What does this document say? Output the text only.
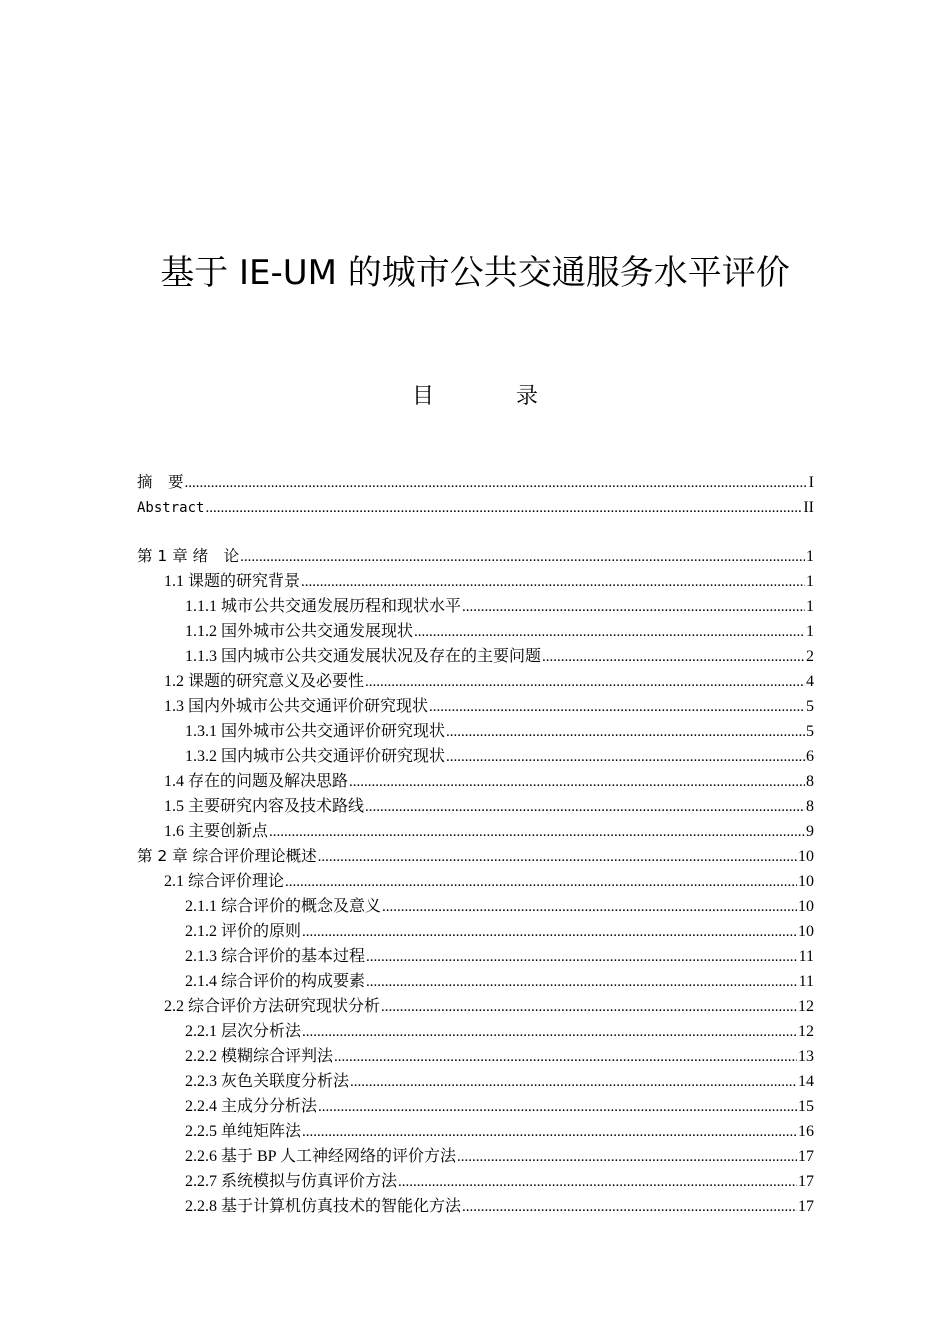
基于 IE-UM 的城市公共交通服务水平评价
目　录
摘　要 .....	I
Abstract .....	II
第 1 章 绪　论 .....	1
1.1 课题的研究背景 .....	1
1.1.1 城市公共交通发展历程和现状水平 .....	1
1.1.2 国外城市公共交通发展现状 .....	1
1.1.3 国内城市公共交通发展状况及存在的主要问题 .....	2
1.2 课题的研究意义及必要性 .....	4
1.3 国内外城市公共交通评价研究现状 .....	5
1.3.1 国外城市公共交通评价研究现状 .....	5
1.3.2 国内城市公共交通评价研究现状 .....	6
1.4 存在的问题及解决思路 .....	8
1.5 主要研究内容及技术路线 .....	8
1.6 主要创新点 .....	9
第 2 章 综合评价理论概述 .....	10
2.1 综合评价理论 .....	10
2.1.1 综合评价的概念及意义 .....	10
2.1.2 评价的原则 .....	10
2.1.3 综合评价的基本过程 .....	11
2.1.4 综合评价的构成要素 .....	11
2.2 综合评价方法研究现状分析 .....	12
2.2.1 层次分析法 .....	12
2.2.2 模糊综合评判法 .....	13
2.2.3 灰色关联度分析法 .....	14
2.2.4 主成分分析法 .....	15
2.2.5 单纯矩阵法 .....	16
2.2.6 基于 BP 人工神经网络的评价方法 .....	17
2.2.7 系统模拟与仿真评价方法 .....	17
2.2.8 基于计算机仿真技术的智能化方法 .....	17
